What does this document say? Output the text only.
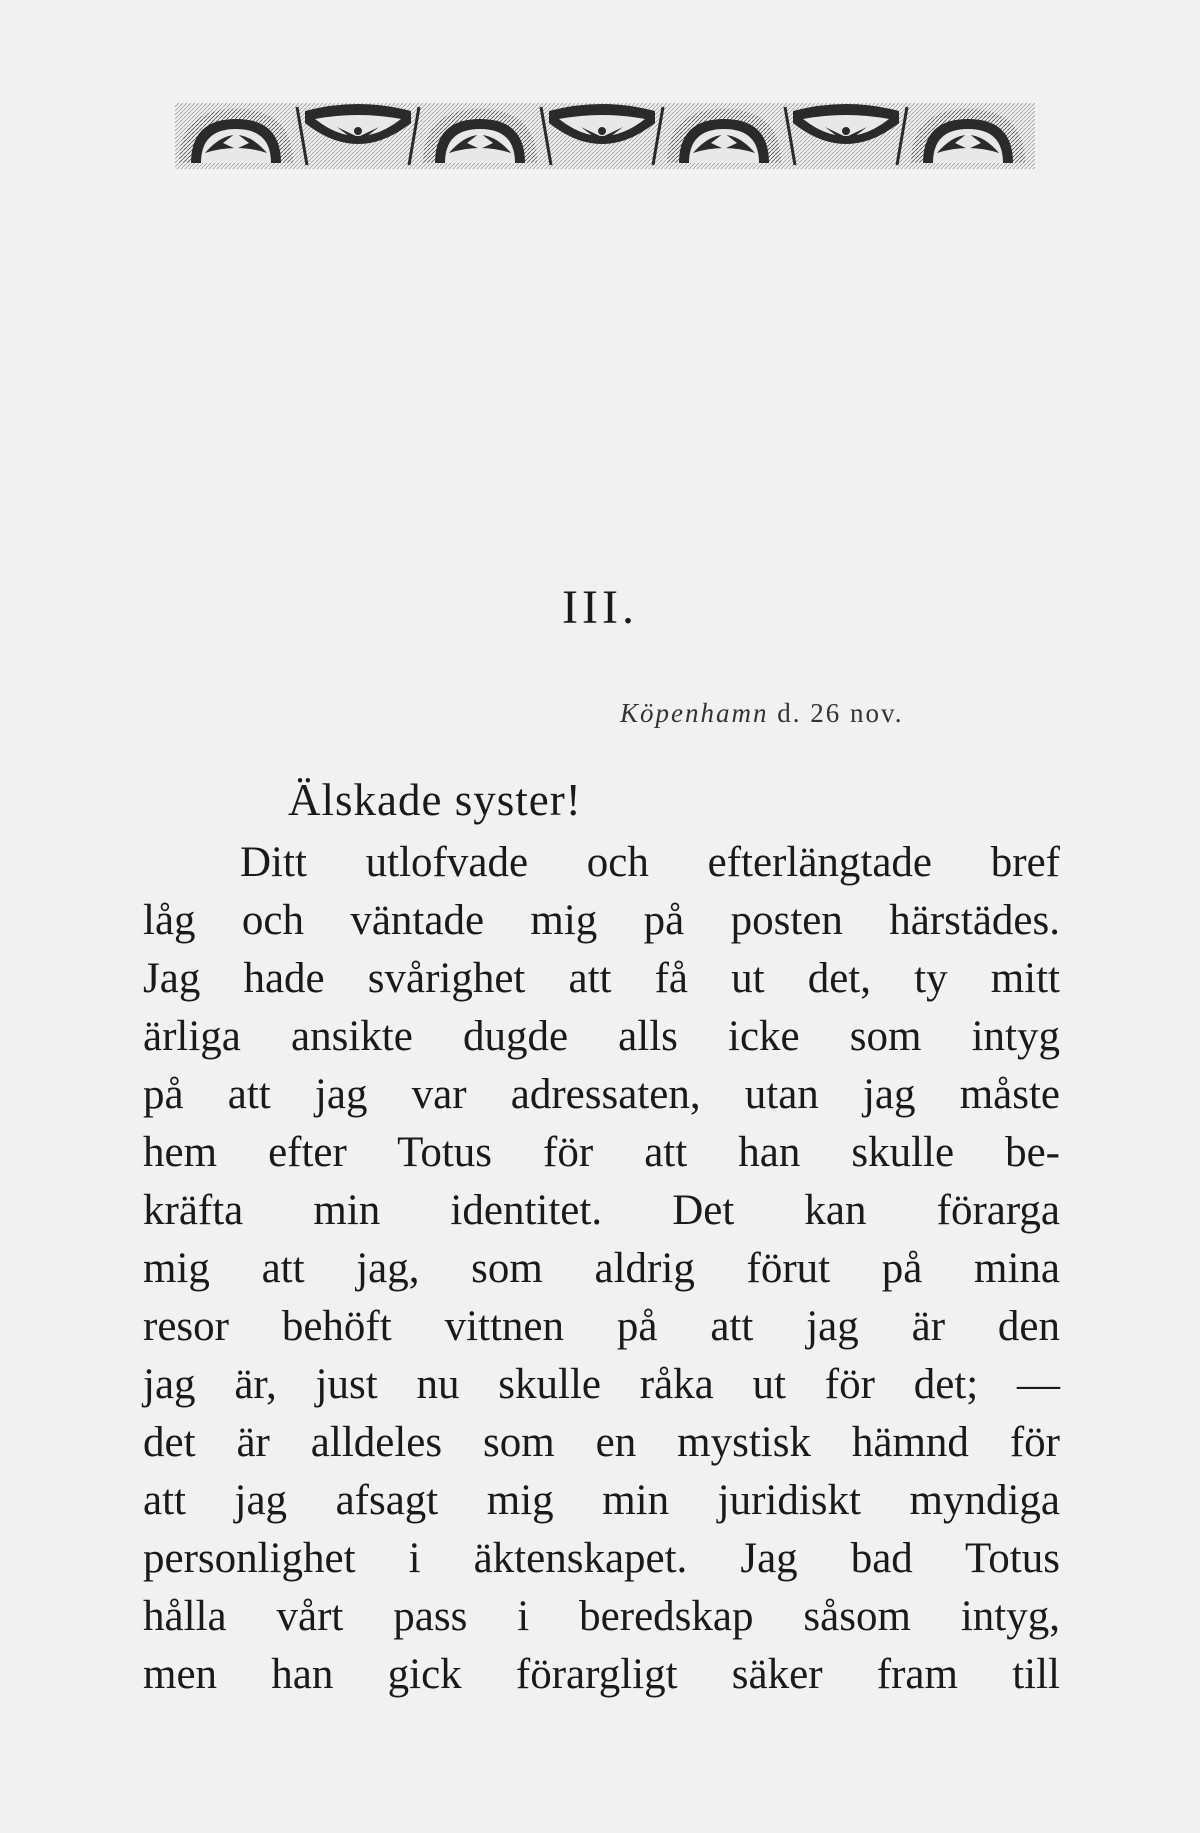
III.
Köpenhamn d. 26 nov.
Älskade syster!
Ditt utlofvade och efterlängtade bref
låg och väntade mig på posten härstädes.
Jag hade svårighet att få ut det, ty mitt
ärliga ansikte dugde alls icke som intyg
på att jag var adressaten, utan jag måste
hem efter Totus för att han skulle be-
kräfta min identitet. Det kan förarga
mig att jag, som aldrig förut på mina
resor behöft vittnen på att jag är den
jag är, just nu skulle råka ut för det; —
det är alldeles som en mystisk hämnd för
att jag afsagt mig min juridiskt myndiga
personlighet i äktenskapet. Jag bad Totus
hålla vårt pass i beredskap såsom intyg,
men han gick förargligt säker fram till
